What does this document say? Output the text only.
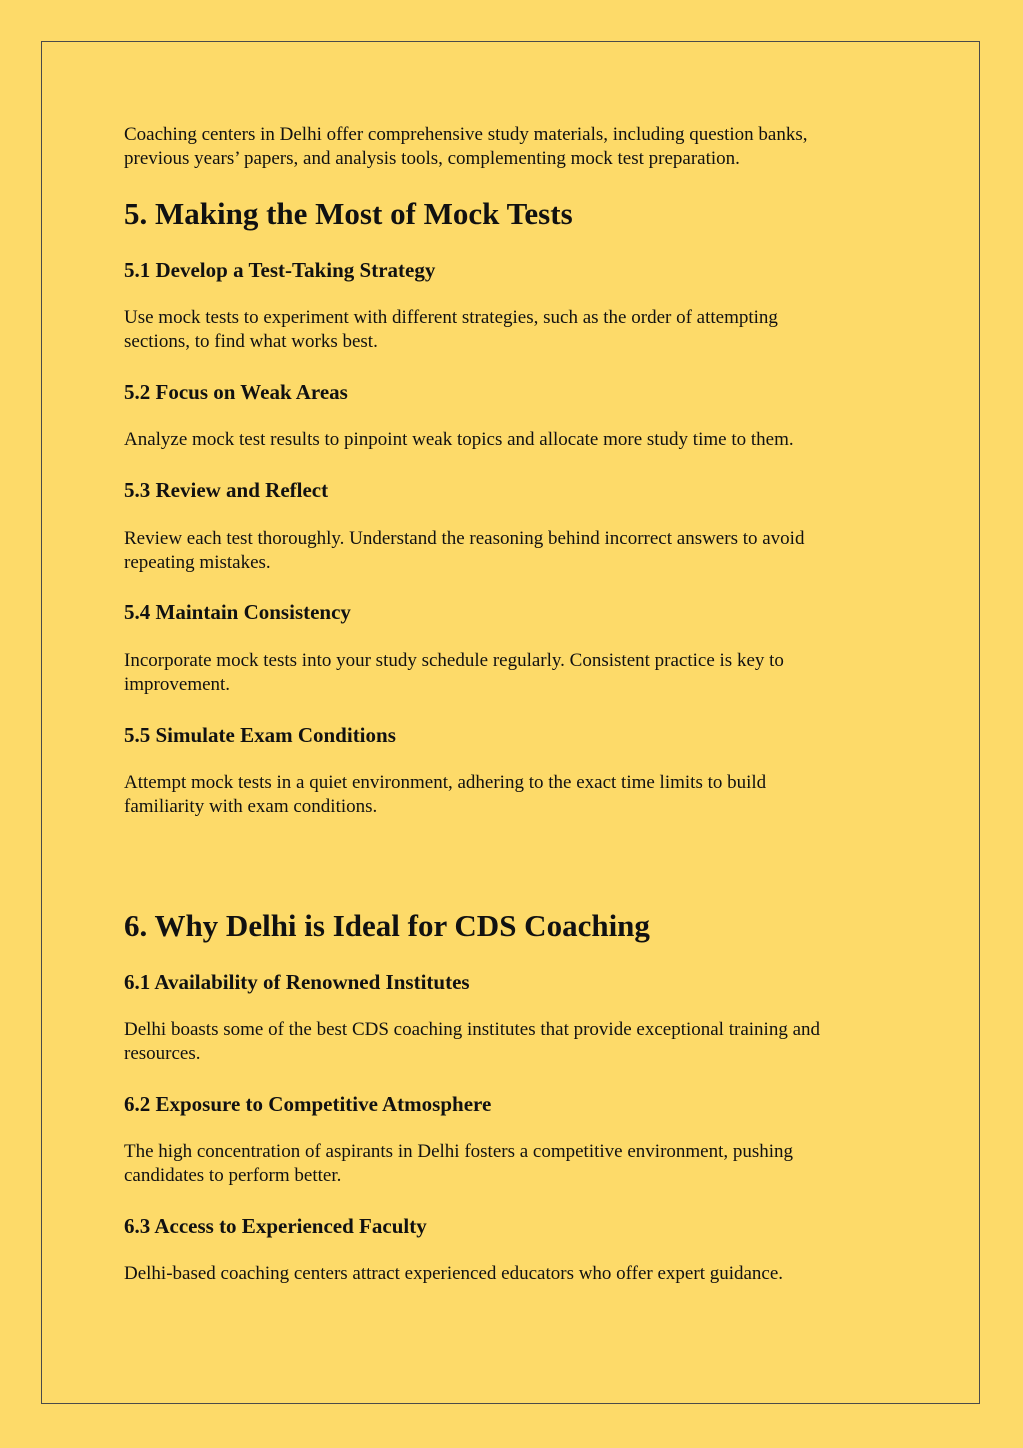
Coaching centers in Delhi offer comprehensive study materials, including question banks,

previous years’ papers, and analysis tools, complementing mock test preparation.

5. Making the Most of Mock Tests
5.1 Develop a Test-Taking Strategy

Use mock tests to experiment with different strategies, such as the order of attempting

sections, to find what works best.

5.2 Focus on Weak Areas

Analyze mock test results to pinpoint weak topics and allocate more study time to them.

5.3 Review and Reflect

Review each test thoroughly. Understand the reasoning behind incorrect answers to avoid

repeating mistakes.

5.4 Maintain Consistency

Incorporate mock tests into your study schedule regularly. Consistent practice is key to

improvement.

5.5 Simulate Exam Conditions

Attempt mock tests in a quiet environment, adhering to the exact time limits to build

familiarity with exam conditions.

6. Why Delhi is Ideal for CDS Coaching
6.1 Availability of Renowned Institutes

Delhi boasts some of the best CDS coaching institutes that provide exceptional training and

resources.

6.2 Exposure to Competitive Atmosphere

The high concentration of aspirants in Delhi fosters a competitive environment, pushing

candidates to perform better.

6.3 Access to Experienced Faculty

Delhi-based coaching centers attract experienced educators who offer expert guidance.
